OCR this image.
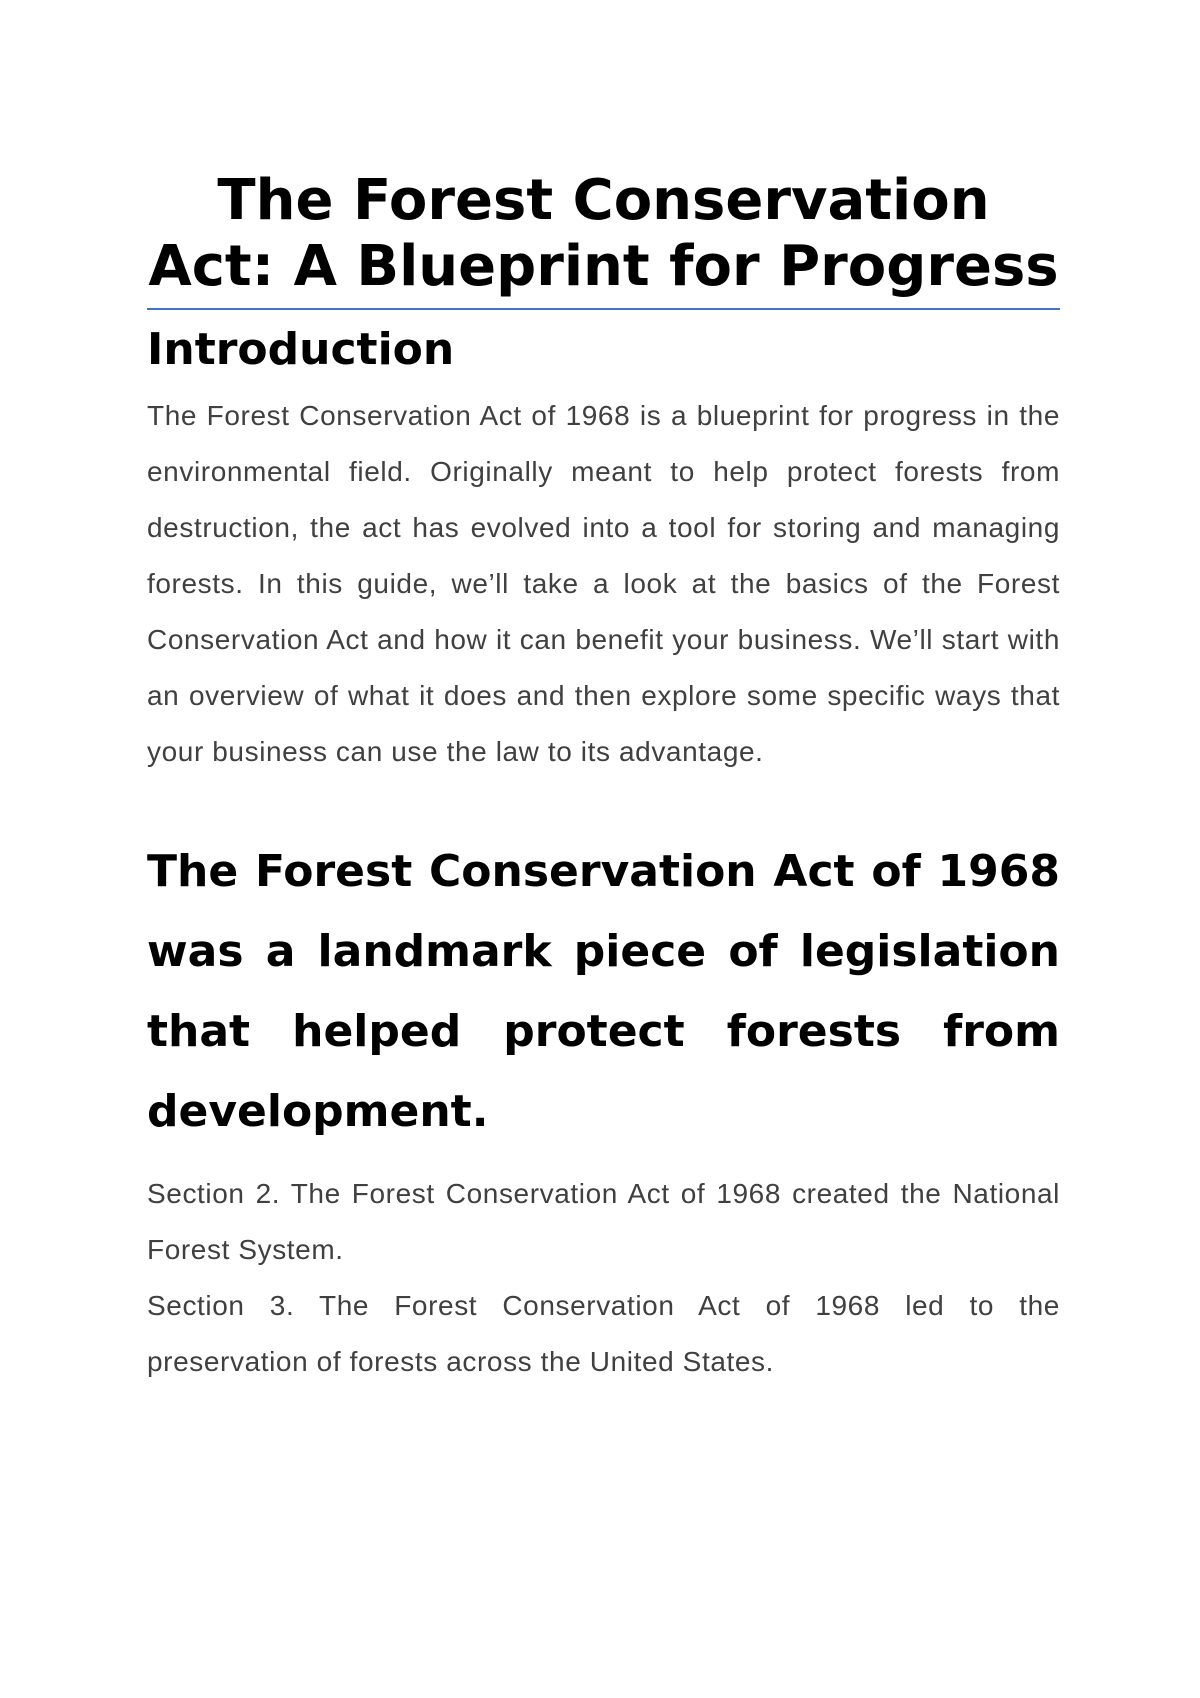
The Forest Conservation Act: A Blueprint for Progress
Introduction

The Forest Conservation Act of 1968 is a blueprint for progress in the environmental field. Originally meant to help protect forests from destruction, the act has evolved into a tool for storing and managing forests. In this guide, we’ll take a look at the basics of the Forest Conservation Act and how it can benefit your business. We’ll start with an overview of what it does and then explore some specific ways that your business can use the law to its advantage.

The Forest Conservation Act of 1968 was a landmark piece of legislation that helped protect forests from development.

Section 2. The Forest Conservation Act of 1968 created the National Forest System.

Section 3. The Forest Conservation Act of 1968 led to the preservation of forests across the United States.
